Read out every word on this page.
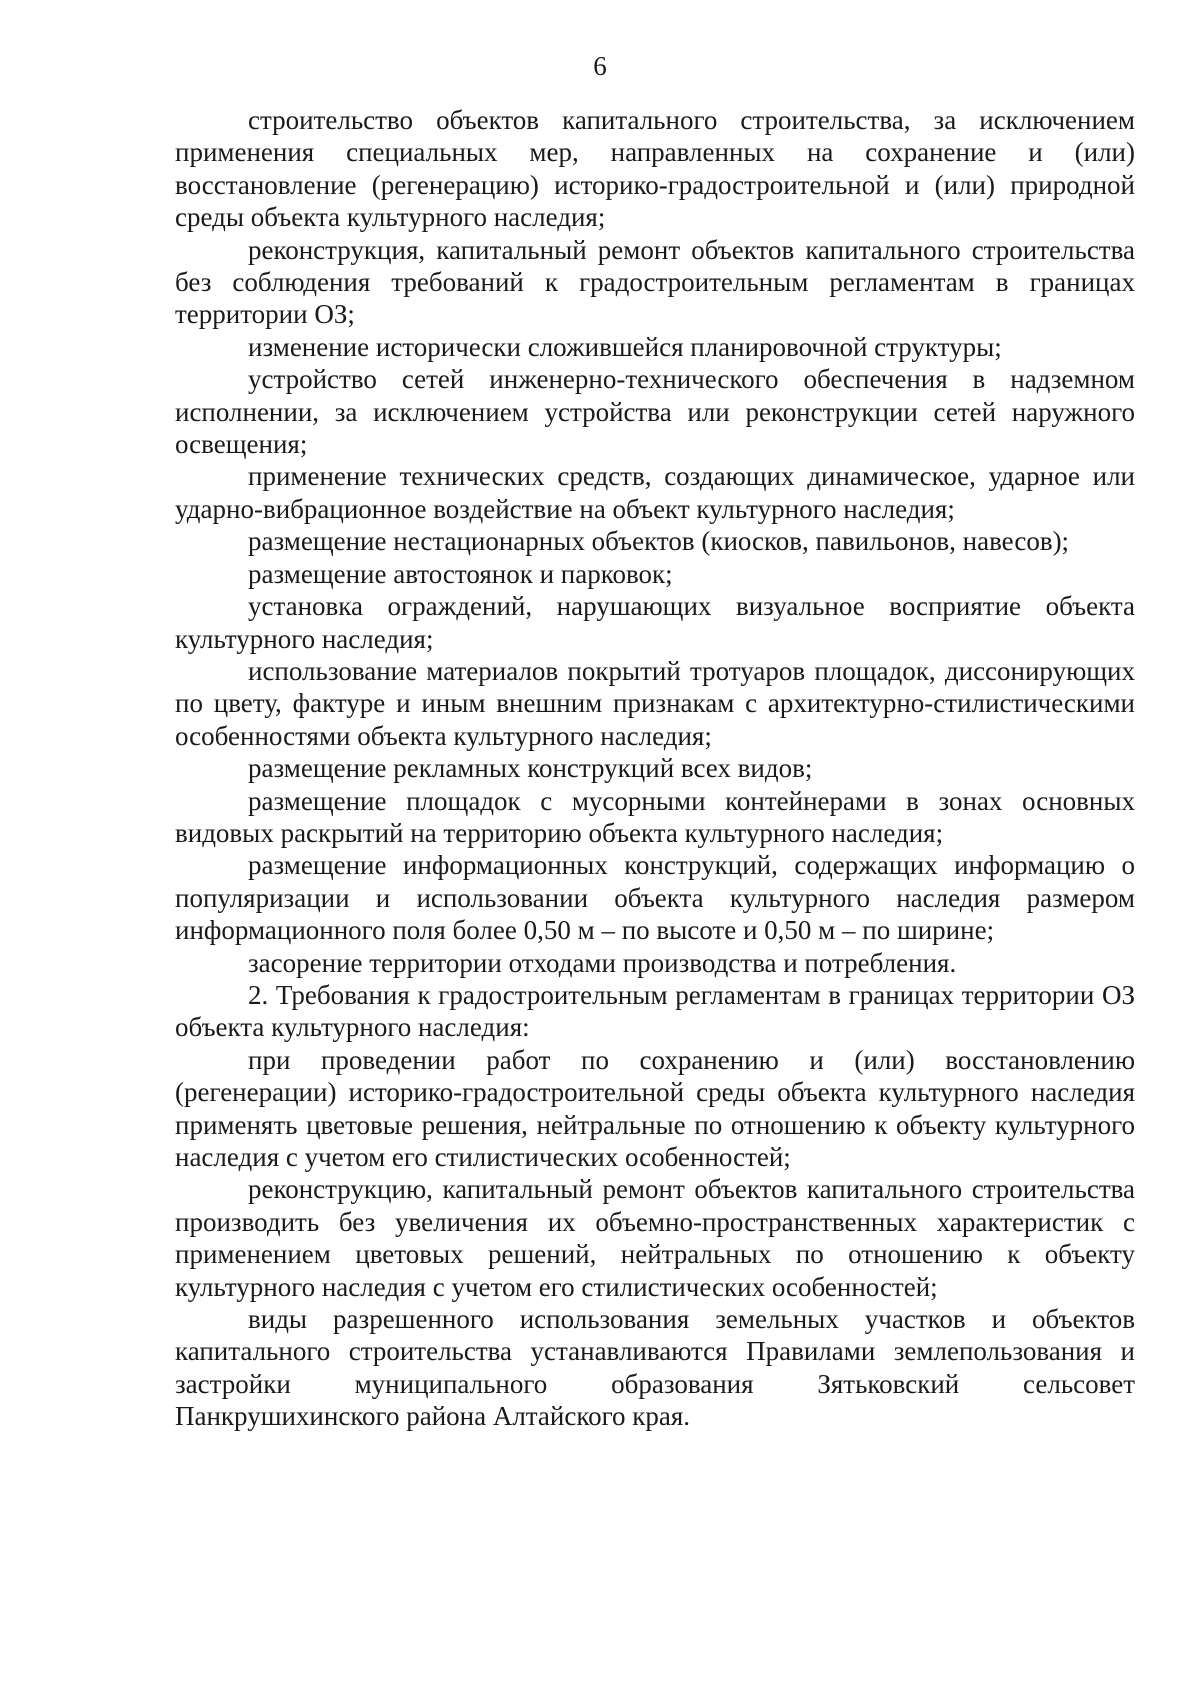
6

строительство объектов капитального строительства, за исключением применения специальных мер, направленных на сохранение и (или) восстановление (регенерацию) историко-градостроительной и (или) природной среды объекта культурного наследия;

реконструкция, капитальный ремонт объектов капитального строительства без соблюдения требований к градостроительным регламентам в границах территории ОЗ;

изменение исторически сложившейся планировочной структуры;

устройство сетей инженерно-технического обеспечения в надземном исполнении, за исключением устройства или реконструкции сетей наружного освещения;

применение технических средств, создающих динамическое, ударное или ударно-вибрационное воздействие на объект культурного наследия;

размещение нестационарных объектов (киосков, павильонов, навесов);

размещение автостоянок и парковок;

установка ограждений, нарушающих визуальное восприятие объекта культурного наследия;

использование материалов покрытий тротуаров площадок, диссонирующих по цвету, фактуре и иным внешним признакам с архитектурно-стилистическими особенностями объекта культурного наследия;

размещение рекламных конструкций всех видов;

размещение площадок с мусорными контейнерами в зонах основных видовых раскрытий на территорию объекта культурного наследия;

размещение информационных конструкций, содержащих информацию о популяризации и использовании объекта культурного наследия размером информационного поля более 0,50 м – по высоте и 0,50 м – по ширине;

засорение территории отходами производства и потребления.

2. Требования к градостроительным регламентам в границах территории ОЗ объекта культурного наследия:

при проведении работ по сохранению и (или) восстановлению (регенерации) историко-градостроительной среды объекта культурного наследия применять цветовые решения, нейтральные по отношению к объекту культурного наследия с учетом его стилистических особенностей;

реконструкцию, капитальный ремонт объектов капитального строительства производить без увеличения их объемно-пространственных характеристик с применением цветовых решений, нейтральных по отношению к объекту культурного наследия с учетом его стилистических особенностей;

виды разрешенного использования земельных участков и объектов капитального строительства устанавливаются Правилами землепользования и застройки муниципального образования Зятьковский сельсовет Панкрушихинского района Алтайского края.
